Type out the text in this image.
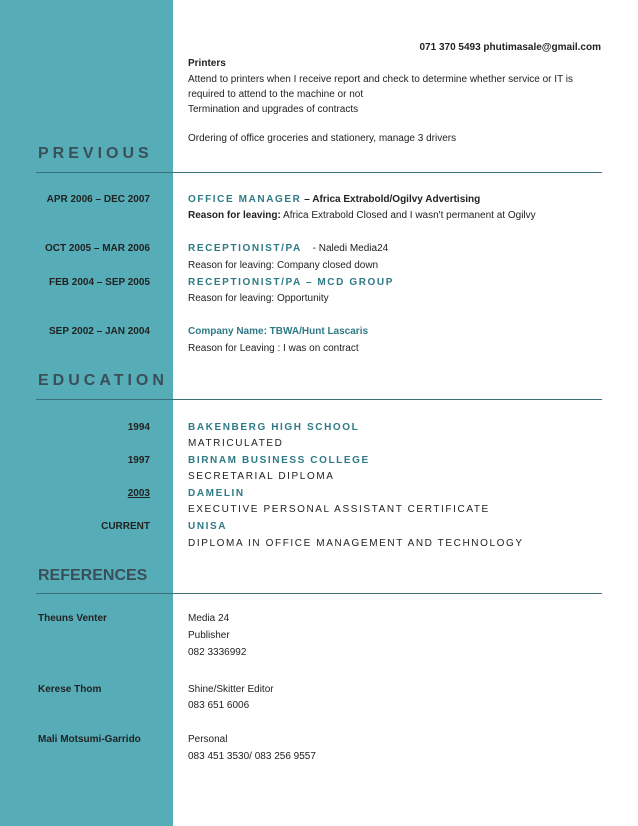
071 370 5493 phutimasale@gmail.com
Printers
Attend to printers when I receive report and check to determine whether service or IT is
required to attend to the machine or not
Termination and upgrades of contracts
Ordering of office groceries and stationery, manage 3 drivers
PREVIOUS
APR 2006 – DEC 2007	OFFICE MANAGER – Africa Extrabold/Ogilvy Advertising
Reason for leaving: Africa Extrabold Closed and I wasn't permanent at Ogilvy
OCT 2005 – MAR 2006	RECEPTIONIST/PA - Naledi Media24
Reason for leaving: Company closed down
FEB 2004 – SEP 2005	RECEPTIONIST/PA – MCD GROUP
Reason for leaving: Opportunity
SEP 2002 – JAN 2004	Company Name: TBWA/Hunt Lascaris
Reason for Leaving : I was on contract
EDUCATION
1994	BAKENBERG HIGH SCHOOL
MATRICULATED
1997	BIRNAM BUSINESS COLLEGE
SECRETARIAL DIPLOMA
2003	DAMELIN
EXECUTIVE PERSONAL ASSISTANT CERTIFICATE
CURRENT	UNISA
DIPLOMA IN OFFICE MANAGEMENT AND TECHNOLOGY
REFERENCES
Theuns Venter	Media 24
Publisher
082 3336992
Kerese Thom	Shine/Skitter Editor
083 651 6006
Mali Motsumi-Garrido	Personal
083 451 3530/ 083 256 9557
